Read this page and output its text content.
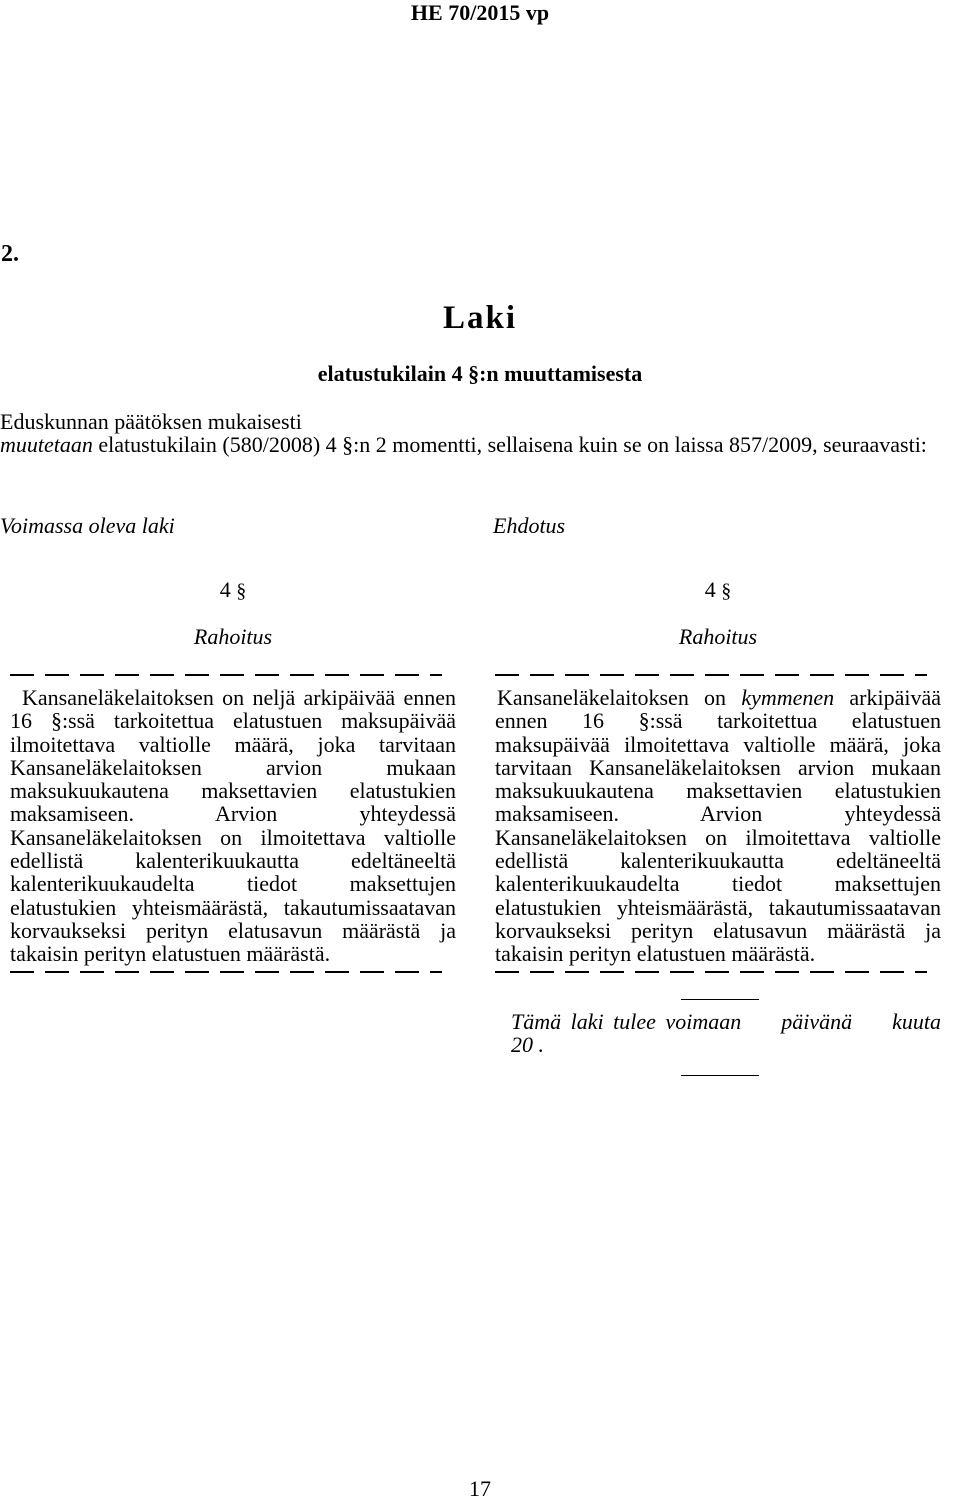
HE 70/2015 vp
2.
Laki
elatustukilain 4 §:n muuttamisesta

Eduskunnan päätöksen mukaisesti

muutetaan elatustukilain (580/2008) 4 §:n 2 momentti, sellaisena kuin se on laissa 857/2009, seuraavasti:

Voimassa oleva laki
4 §
Rahoitus

Kansaneläkelaitoksen on neljä arkipäivää ennen 16 §:ssä tarkoitettua elatustuen maksupäivää ilmoitettava valtiolle määrä, joka tarvitaan Kansaneläkelaitoksen arvion mukaan maksukuukautena maksettavien elatustukien maksamiseen. Arvion yhteydessä Kansaneläkelaitoksen on ilmoitettava valtiolle edellistä kalenterikuukautta edeltäneeltä kalenterikuukaudelta tiedot maksettujen elatustukien yhteismäärästä, takautumissaatavan korvaukseksi perityn elatusavun määrästä ja takaisin perityn elatustuen määrästä.

Ehdotus
4 §
Rahoitus

Kansaneläkelaitoksen on kymmenen arkipäivää ennen 16 §:ssä tarkoitettua elatustuen maksupäivää ilmoitettava valtiolle määrä, joka tarvitaan Kansaneläkelaitoksen arvion mukaan maksukuukautena maksettavien elatustukien maksamiseen. Arvion yhteydessä Kansaneläkelaitoksen on ilmoitettava valtiolle edellistä kalenterikuukautta edeltäneeltä kalenterikuukaudelta tiedot maksettujen elatustukien yhteismäärästä, takautumissaatavan korvaukseksi perityn elatusavun määrästä ja takaisin perityn elatustuen määrästä.

Tämä laki tulee voimaan päivänä kuuta 20 .

17
